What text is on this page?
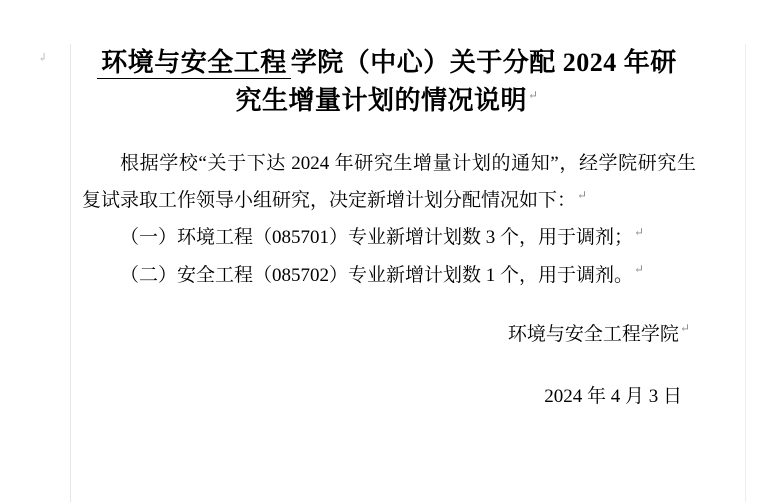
↲	环境与安全工程 学院（中心）关于分配 2024 年研
究生增量计划的情况说明↵

根据学校“关于下达 2024 年研究生增量计划的通知”，经学院研究生复试录取工作领导小组研究，决定新增计划分配情况如下：↵

（一）环境工程（085701）专业新增计划数 3 个，用于调剂；↵

（二）安全工程（085702）专业新增计划数 1 个，用于调剂。↵

环境与安全工程学院↵
2024 年 4 月 3 日
